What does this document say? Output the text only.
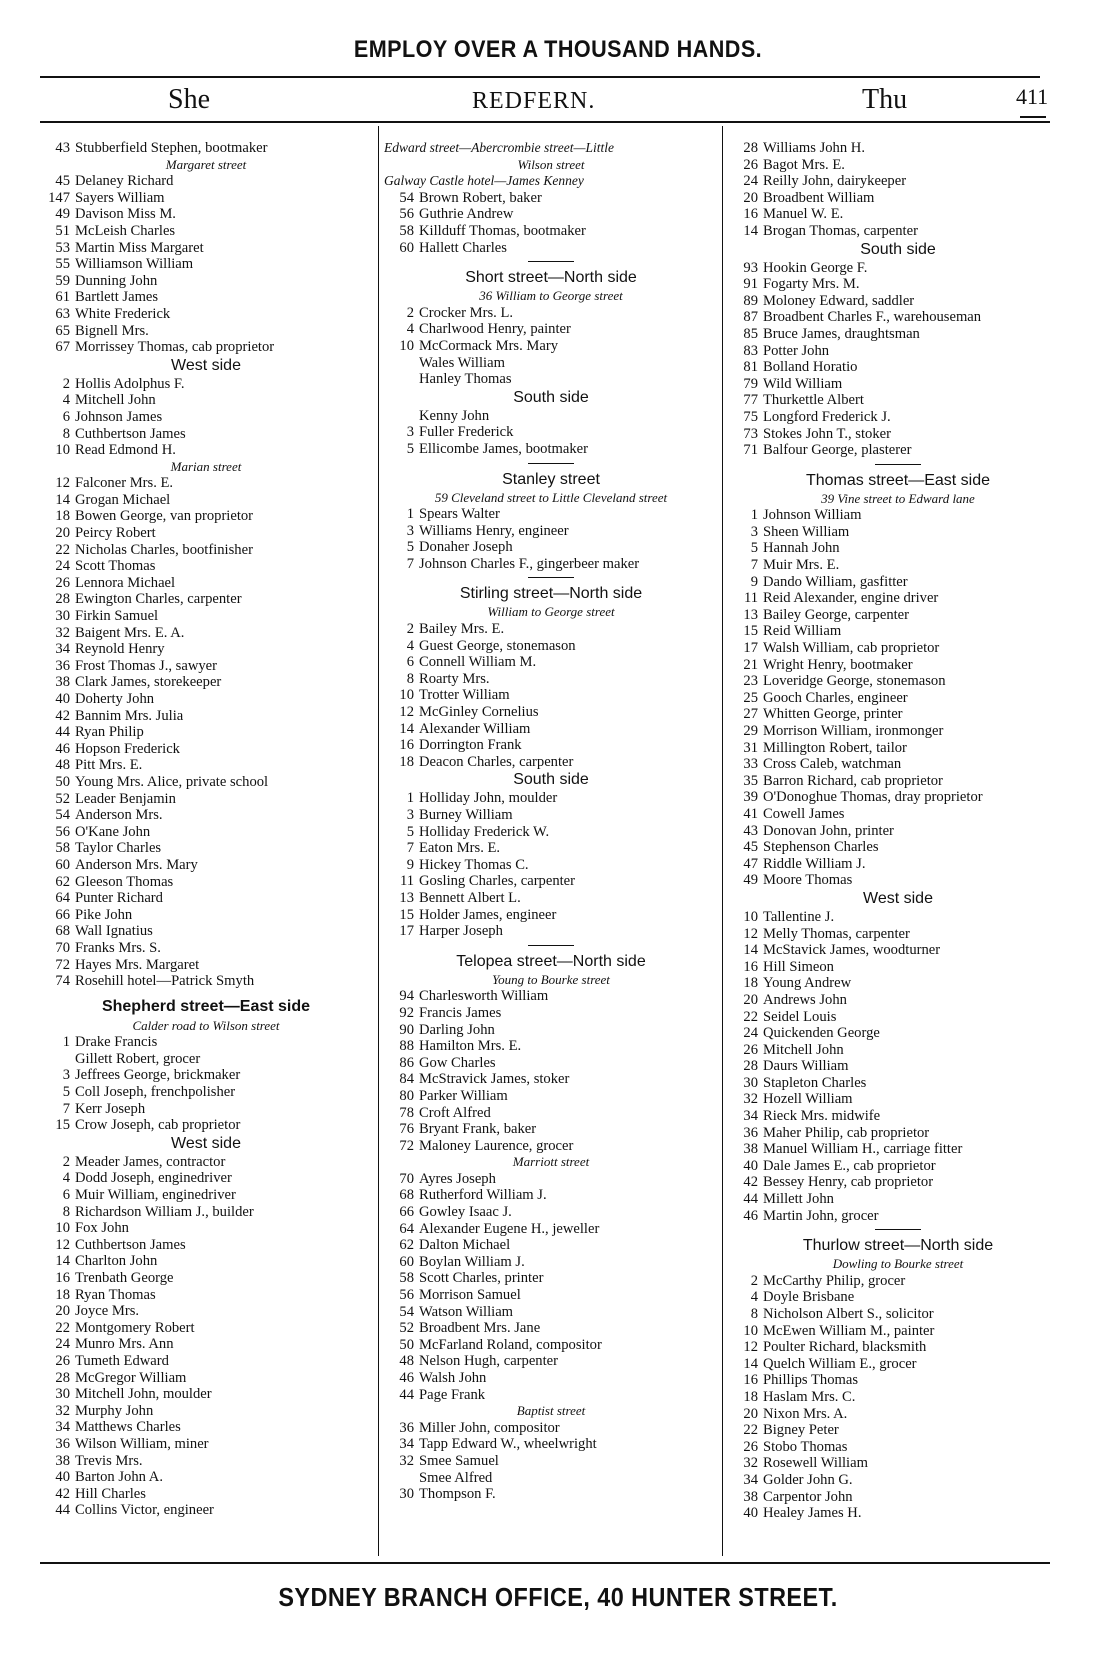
EMPLOY OVER A THOUSAND HANDS.
She	REDFERN.	Thu	411
43 Stubberfield Stephen, bootmaker
Margaret street
45 Delaney Richard
147 Sayers William
49 Davison Miss M.
51 McLeish Charles
53 Martin Miss Margaret
55 Williamson William
59 Dunning John
61 Bartlett James
63 White Frederick
65 Bignell Mrs.
67 Morrissey Thomas, cab proprietor
West side
2 Hollis Adolphus F.
4 Mitchell John
6 Johnson James
8 Cuthbertson James
10 Read Edmond H.
Marian street
12 Falconer Mrs. E.
14 Grogan Michael
18 Bowen George, van proprietor
20 Peircy Robert
22 Nicholas Charles, bootfinisher
24 Scott Thomas
26 Lennora Michael
28 Ewington Charles, carpenter
30 Firkin Samuel
32 Baigent Mrs. E. A.
34 Reynold Henry
36 Frost Thomas J., sawyer
38 Clark James, storekeeper
40 Doherty John
42 Bannim Mrs. Julia
44 Ryan Philip
46 Hopson Frederick
48 Pitt Mrs. E.
50 Young Mrs. Alice, private school
52 Leader Benjamin
54 Anderson Mrs.
56 O'Kane John
58 Taylor Charles
60 Anderson Mrs. Mary
62 Gleeson Thomas
64 Punter Richard
66 Pike John
68 Wall Ignatius
70 Franks Mrs. S.
72 Hayes Mrs. Margaret
74 Rosehill hotel—Patrick Smyth
Shepherd street—East side
Calder road to Wilson street
1 Drake Francis
Gillett Robert, grocer
3 Jeffrees George, brickmaker
5 Coll Joseph, frenchpolisher
7 Kerr Joseph
15 Crow Joseph, cab proprietor
West side
2 Meader James, contractor
4 Dodd Joseph, enginedriver
6 Muir William, enginedriver
8 Richardson William J., builder
10 Fox John
12 Cuthbertson James
14 Charlton John
16 Trenbath George
18 Ryan Thomas
20 Joyce Mrs.
22 Montgomery Robert
24 Munro Mrs. Ann
26 Tumeth Edward
28 McGregor William
30 Mitchell John, moulder
32 Murphy John
34 Matthews Charles
36 Wilson William, miner
38 Trevis Mrs.
40 Barton John A.
42 Hill Charles
44 Collins Victor, engineer
Edward street—Abercrombie street—Little
Wilson street
Galway Castle hotel—James Kenney
54 Brown Robert, baker
56 Guthrie Andrew
58 Killduff Thomas, bootmaker
60 Hallett Charles
Short street—North side
36 William to George street
2 Crocker Mrs. L.
4 Charlwood Henry, painter
10 McCormack Mrs. Mary
Wales William
Hanley Thomas
South side
Kenny John
3 Fuller Frederick
5 Ellicombe James, bootmaker
Stanley street
59 Cleveland street to Little Cleveland street
1 Spears Walter
3 Williams Henry, engineer
5 Donaher Joseph
7 Johnson Charles F., gingerbeer maker
Stirling street—North side
William to George street
2 Bailey Mrs. E.
4 Guest George, stonemason
6 Connell William M.
8 Roarty Mrs.
10 Trotter William
12 McGinley Cornelius
14 Alexander William
16 Dorrington Frank
18 Deacon Charles, carpenter
South side
1 Holliday John, moulder
3 Burney William
5 Holliday Frederick W.
7 Eaton Mrs. E.
9 Hickey Thomas C.
11 Gosling Charles, carpenter
13 Bennett Albert L.
15 Holder James, engineer
17 Harper Joseph
Telopea street—North side
Young to Bourke street
94 Charlesworth William
92 Francis James
90 Darling John
88 Hamilton Mrs. E.
86 Gow Charles
84 McStravick James, stoker
80 Parker William
78 Croft Alfred
76 Bryant Frank, baker
72 Maloney Laurence, grocer
Marriott street
70 Ayres Joseph
68 Rutherford William J.
66 Gowley Isaac J.
64 Alexander Eugene H., jeweller
62 Dalton Michael
60 Boylan William J.
58 Scott Charles, printer
56 Morrison Samuel
54 Watson William
52 Broadbent Mrs. Jane
50 McFarland Roland, compositor
48 Nelson Hugh, carpenter
46 Walsh John
44 Page Frank
Baptist street
36 Miller John, compositor
34 Tapp Edward W., wheelwright
32 Smee Samuel
Smee Alfred
30 Thompson F.
28 Williams John H.
26 Bagot Mrs. E.
24 Reilly John, dairykeeper
20 Broadbent William
16 Manuel W. E.
14 Brogan Thomas, carpenter
South side
93 Hookin George F.
91 Fogarty Mrs. M.
89 Moloney Edward, saddler
87 Broadbent Charles F., warehouseman
85 Bruce James, draughtsman
83 Potter John
81 Bolland Horatio
79 Wild William
77 Thurkettle Albert
75 Longford Frederick J.
73 Stokes John T., stoker
71 Balfour George, plasterer
Thomas street—East side
39 Vine street to Edward lane
1 Johnson William
3 Sheen William
5 Hannah John
7 Muir Mrs. E.
9 Dando William, gasfitter
11 Reid Alexander, engine driver
13 Bailey George, carpenter
15 Reid William
17 Walsh William, cab proprietor
21 Wright Henry, bootmaker
23 Loveridge George, stonemason
25 Gooch Charles, engineer
27 Whitten George, printer
29 Morrison William, ironmonger
31 Millington Robert, tailor
33 Cross Caleb, watchman
35 Barron Richard, cab proprietor
39 O'Donoghue Thomas, dray proprietor
41 Cowell James
43 Donovan John, printer
45 Stephenson Charles
47 Riddle William J.
49 Moore Thomas
West side
10 Tallentine J.
12 Melly Thomas, carpenter
14 McStavick James, woodturner
16 Hill Simeon
18 Young Andrew
20 Andrews John
22 Seidel Louis
24 Quickenden George
26 Mitchell John
28 Daurs William
30 Stapleton Charles
32 Hozell William
34 Rieck Mrs. midwife
36 Maher Philip, cab proprietor
38 Manuel William H., carriage fitter
40 Dale James E., cab proprietor
42 Bessey Henry, cab proprietor
44 Millett John
46 Martin John, grocer
Thurlow street—North side
Dowling to Bourke street
2 McCarthy Philip, grocer
4 Doyle Brisbane
8 Nicholson Albert S., solicitor
10 McEwen William M., painter
12 Poulter Richard, blacksmith
14 Quelch William E., grocer
16 Phillips Thomas
18 Haslam Mrs. C.
20 Nixon Mrs. A.
22 Bigney Peter
26 Stobo Thomas
32 Rosewell William
34 Golder John G.
38 Carpentor John
40 Healey James H.
SYDNEY BRANCH OFFICE, 40 HUNTER STREET.
